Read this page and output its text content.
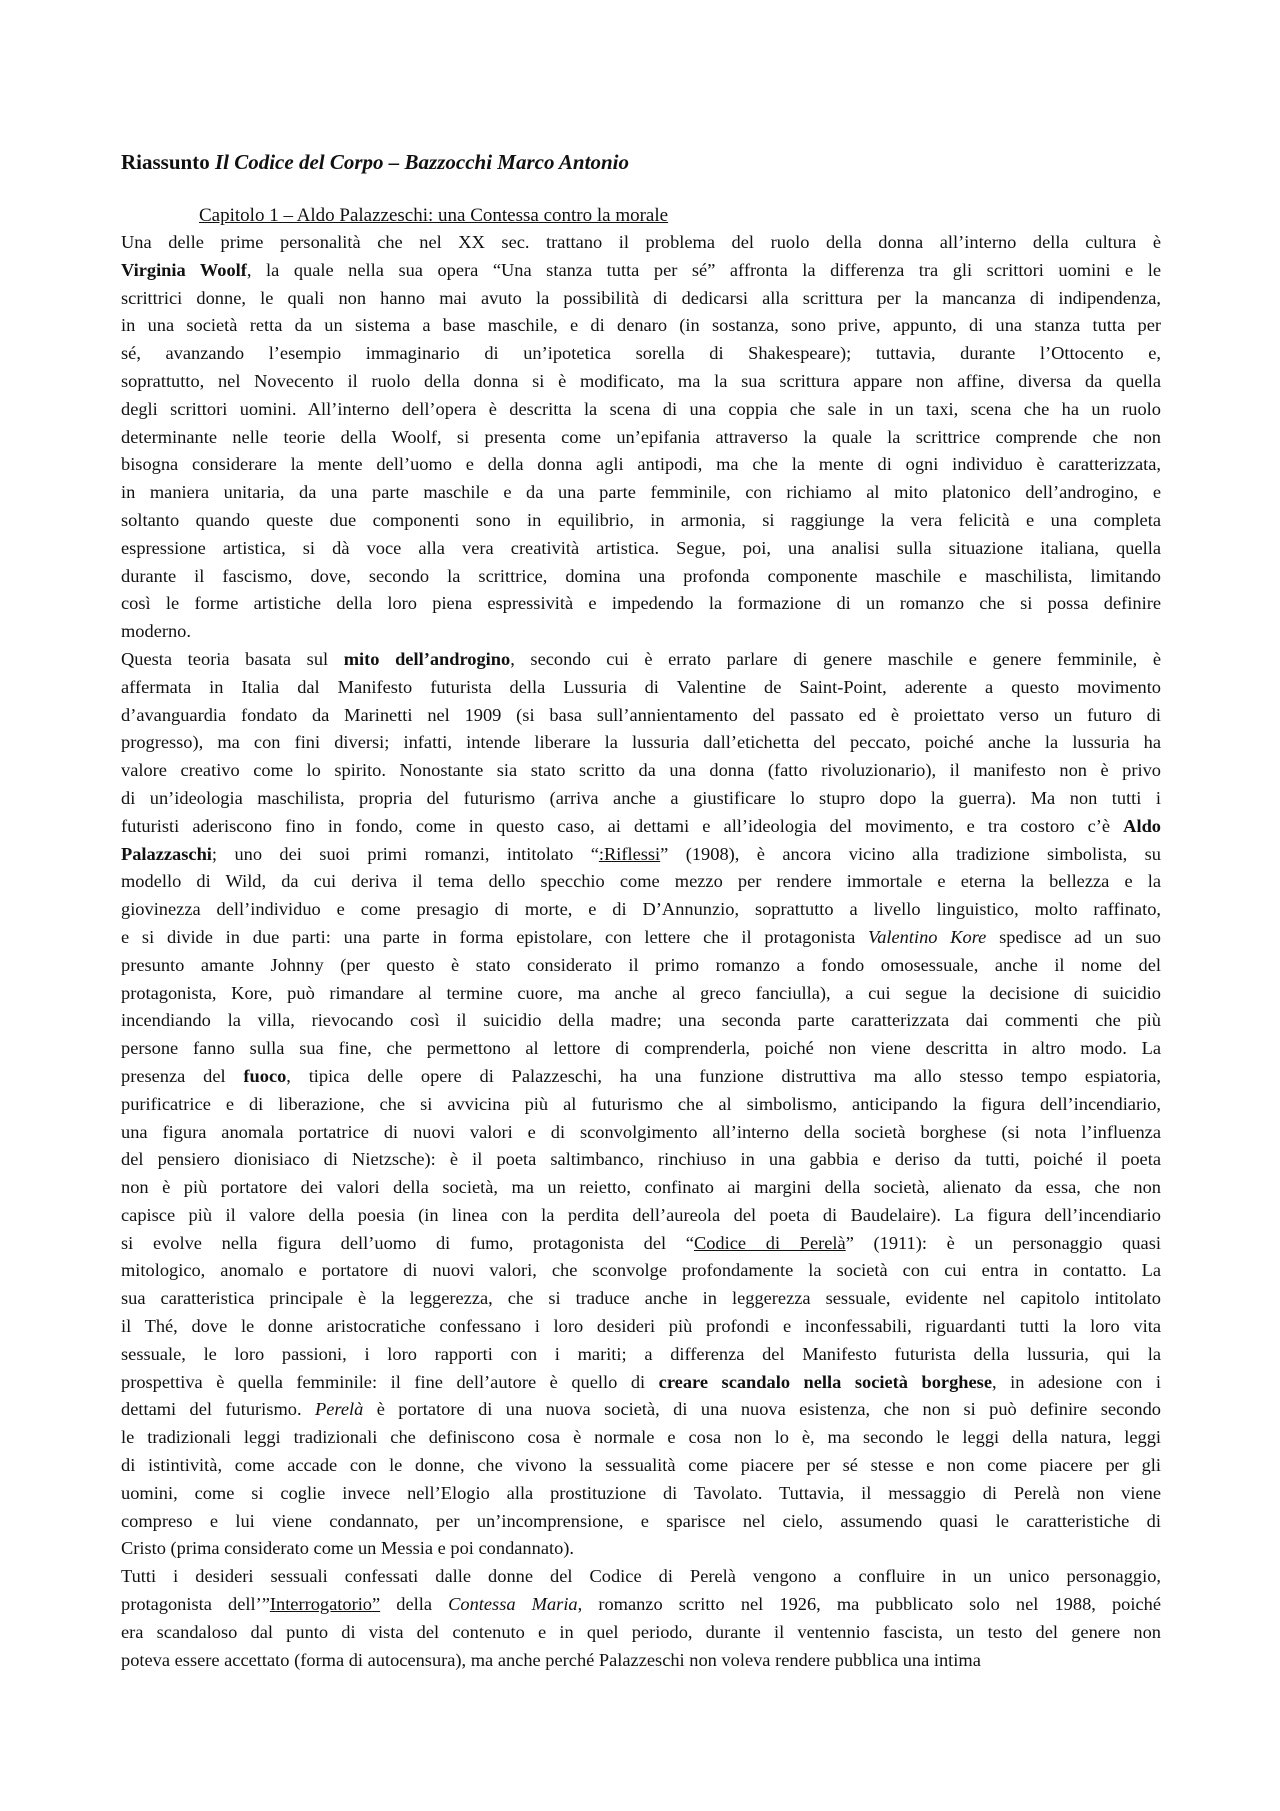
Riassunto Il Codice del Corpo – Bazzocchi Marco Antonio
Capitolo 1 – Aldo Palazzeschi: una Contessa contro la morale
Una delle prime personalità che nel XX sec. trattano il problema del ruolo della donna all’interno della cultura è
Virginia Woolf, la quale nella sua opera “Una stanza tutta per sé” affronta la differenza tra gli scrittori uomini e le
scrittrici donne, le quali non hanno mai avuto la possibilità di dedicarsi alla scrittura per la mancanza di indipendenza,
in una società retta da un sistema a base maschile, e di denaro (in sostanza, sono prive, appunto, di una stanza tutta per
sé, avanzando l’esempio immaginario di un’ipotetica sorella di Shakespeare); tuttavia, durante l’Ottocento e,
soprattutto, nel Novecento il ruolo della donna si è modificato, ma la sua scrittura appare non affine, diversa da quella
degli scrittori uomini. All’interno dell’opera è descritta la scena di una coppia che sale in un taxi, scena che ha un ruolo
determinante nelle teorie della Woolf, si presenta come un’epifania attraverso la quale la scrittrice comprende che non
bisogna considerare la mente dell’uomo e della donna agli antipodi, ma che la mente di ogni individuo è caratterizzata,
in maniera unitaria, da una parte maschile e da una parte femminile, con richiamo al mito platonico dell’androgino, e
soltanto quando queste due componenti sono in equilibrio, in armonia, si raggiunge la vera felicità e una completa
espressione artistica, si dà voce alla vera creatività artistica. Segue, poi, una analisi sulla situazione italiana, quella
durante il fascismo, dove, secondo la scrittrice, domina una profonda componente maschile e maschilista, limitando
così le forme artistiche della loro piena espressività e impedendo la formazione di un romanzo che si possa definire
moderno.
Questa teoria basata sul mito dell’androgino, secondo cui è errato parlare di genere maschile e genere femminile, è
affermata in Italia dal Manifesto futurista della Lussuria di Valentine de Saint-Point, aderente a questo movimento
d’avanguardia fondato da Marinetti nel 1909 (si basa sull’annientamento del passato ed è proiettato verso un futuro di
progresso), ma con fini diversi; infatti, intende liberare la lussuria dall’etichetta del peccato, poiché anche la lussuria ha
valore creativo come lo spirito. Nonostante sia stato scritto da una donna (fatto rivoluzionario), il manifesto non è privo
di un’ideologia maschilista, propria del futurismo (arriva anche a giustificare lo stupro dopo la guerra). Ma non tutti i
futuristi aderiscono fino in fondo, come in questo caso, ai dettami e all’ideologia del movimento, e tra costoro c’è Aldo
Palazzaschi; uno dei suoi primi romanzi, intitolato “:Riflessi” (1908), è ancora vicino alla tradizione simbolista, su
modello di Wild, da cui deriva il tema dello specchio come mezzo per rendere immortale e eterna la bellezza e la
giovinezza dell’individuo e come presagio di morte, e di D’Annunzio, soprattutto a livello linguistico, molto raffinato,
e si divide in due parti: una parte in forma epistolare, con lettere che il protagonista Valentino Kore spedisce ad un suo
presunto amante Johnny (per questo è stato considerato il primo romanzo a fondo omosessuale, anche il nome del
protagonista, Kore, può rimandare al termine cuore, ma anche al greco fanciulla), a cui segue la decisione di suicidio
incendiando la villa, rievocando così il suicidio della madre; una seconda parte caratterizzata dai commenti che più
persone fanno sulla sua fine, che permettono al lettore di comprenderla, poiché non viene descritta in altro modo. La
presenza del fuoco, tipica delle opere di Palazzeschi, ha una funzione distruttiva ma allo stesso tempo espiatoria,
purificatrice e di liberazione, che si avvicina più al futurismo che al simbolismo, anticipando la figura dell’incendiario,
una figura anomala portatrice di nuovi valori e di sconvolgimento all’interno della società borghese (si nota l’influenza
del pensiero dionisiaco di Nietzsche): è il poeta saltimbanco, rinchiuso in una gabbia e deriso da tutti, poiché il poeta
non è più portatore dei valori della società, ma un reietto, confinato ai margini della società, alienato da essa, che non
capisce più il valore della poesia (in linea con la perdita dell’aureola del poeta di Baudelaire). La figura dell’incendiario
si evolve nella figura dell’uomo di fumo, protagonista del “Codice di Perelà” (1911): è un personaggio quasi
mitologico, anomalo e portatore di nuovi valori, che sconvolge profondamente la società con cui entra in contatto. La
sua caratteristica principale è la leggerezza, che si traduce anche in leggerezza sessuale, evidente nel capitolo intitolato
il Thé, dove le donne aristocratiche confessano i loro desideri più profondi e inconfessabili, riguardanti tutti la loro vita
sessuale, le loro passioni, i loro rapporti con i mariti; a differenza del Manifesto futurista della lussuria, qui la
prospettiva è quella femminile: il fine dell’autore è quello di creare scandalo nella società borghese, in adesione con i
dettami del futurismo. Perelà è portatore di una nuova società, di una nuova esistenza, che non si può definire secondo
le tradizionali leggi tradizionali che definiscono cosa è normale e cosa non lo è, ma secondo le leggi della natura, leggi
di istintività, come accade con le donne, che vivono la sessualità come piacere per sé stesse e non come piacere per gli
uomini, come si coglie invece nell’Elogio alla prostituzione di Tavolato. Tuttavia, il messaggio di Perelà non viene
compreso e lui viene condannato, per un’incomprensione, e sparisce nel cielo, assumendo quasi le caratteristiche di
Cristo (prima considerato come un Messia e poi condannato).
Tutti i desideri sessuali confessati dalle donne del Codice di Perelà vengono a confluire in un unico personaggio,
protagonista dell’”Interrogatorio” della Contessa Maria, romanzo scritto nel 1926, ma pubblicato solo nel 1988, poiché
era scandaloso dal punto di vista del contenuto e in quel periodo, durante il ventennio fascista, un testo del genere non
poteva essere accettato (forma di autocensura), ma anche perché Palazzeschi non voleva rendere pubblica una intima
